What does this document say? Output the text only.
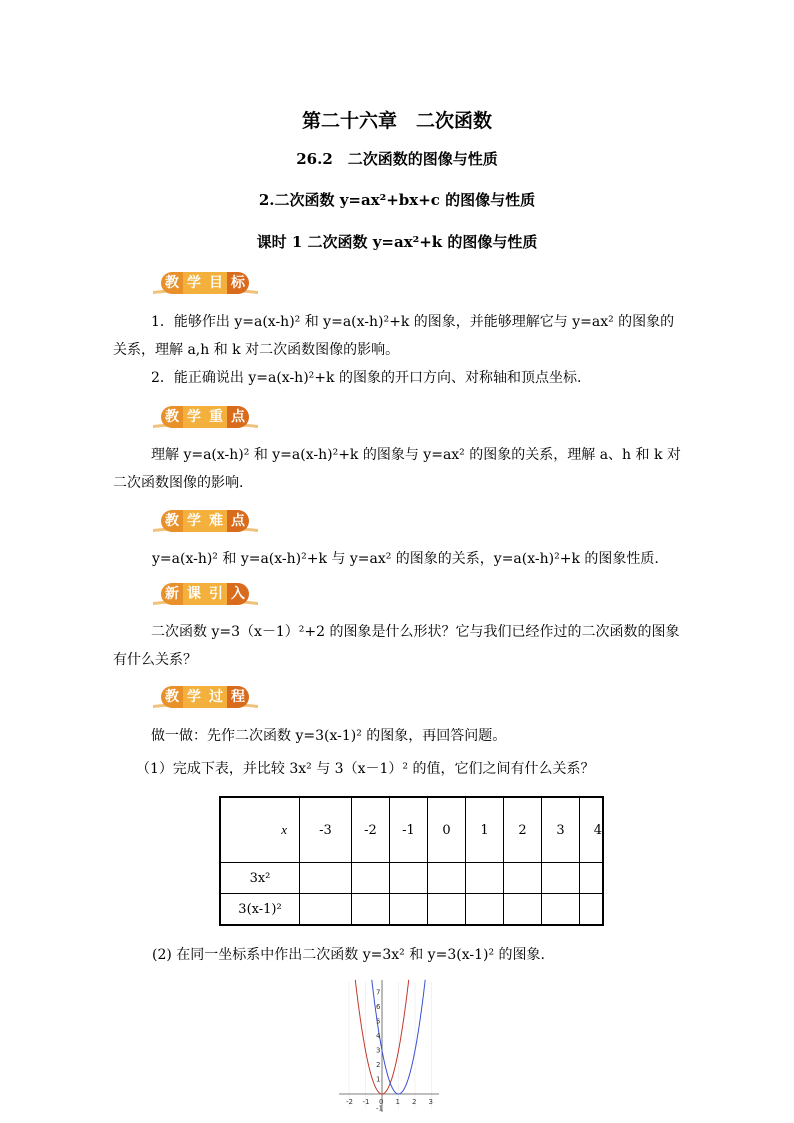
第二十六章　二次函数
26.2　二次函数的图像与性质
2.二次函数 y=ax²+bx+c 的图像与性质
课时 1 二次函数 y=ax²+k 的图像与性质
教 学 目 标

1．能够作出 y=a(x-h)² 和 y=a(x-h)²+k 的图象，并能够理解它与 y=ax² 的图象的关系，理解 a,h 和 k 对二次函数图像的影响。

2．能正确说出 y=a(x-h)²+k 的图象的开口方向、对称轴和顶点坐标.

教 学 重 点

理解 y=a(x-h)² 和 y=a(x-h)²+k 的图象与 y=ax² 的图象的关系，理解 a、h 和 k 对二次函数图像的影响.

教 学 难 点

y=a(x-h)² 和 y=a(x-h)²+k 与 y=ax² 的图象的关系，y=a(x-h)²+k 的图象性质.

新 课 引 入

二次函数 y=3（x－1）²+2 的图象是什么形状？它与我们已经作过的二次函数的图象有什么关系？

教 学 过 程

做一做：先作二次函数 y=3(x-1)² 的图象，再回答问题。

（1）完成下表，并比较 3x² 与 3（x－1）² 的值，它们之间有什么关系？
x	-3	-2	-1	0	1	2	3	4
3x²								
3(x-1)²								
(2) 在同一坐标系中作出二次函数 y=3x² 和 y=3(x-1)² 的图象.
-2 -1 0 1 2 3
1
2
3
4
5
6
7
-1
